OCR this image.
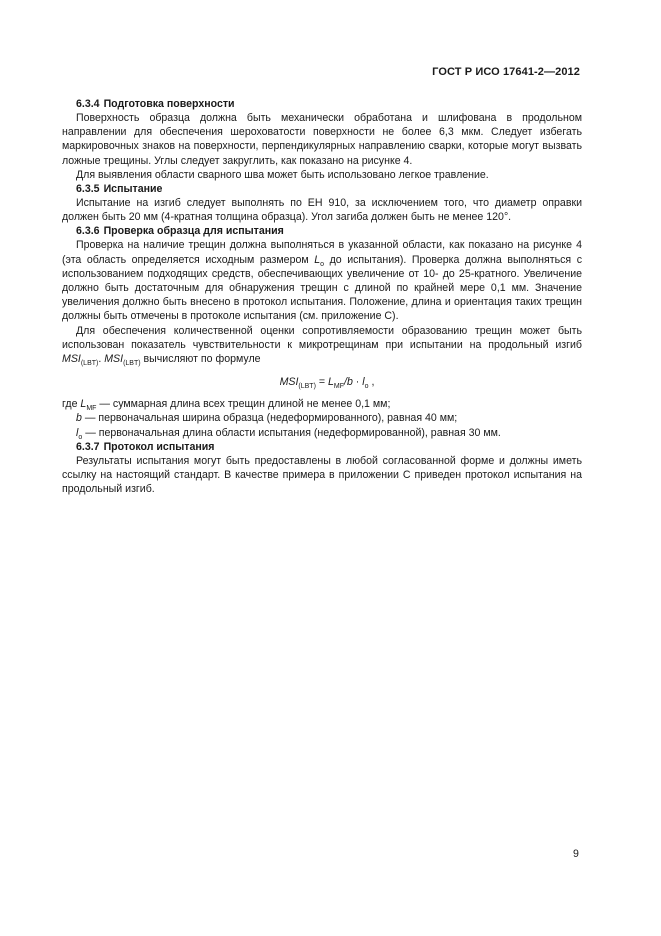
ГОСТ Р ИСО 17641-2—2012
6.3.4 Подготовка поверхности
Поверхность образца должна быть механически обработана и шлифована в продольном направлении для обеспечения шероховатости поверхности не более 6,3 мкм. Следует избегать маркировочных знаков на поверхности, перпендикулярных направлению сварки, которые могут вызвать ложные трещины. Углы следует закруглить, как показано на рисунке 4.
Для выявления области сварного шва может быть использовано легкое травление.
6.3.5 Испытание
Испытание на изгиб следует выполнять по ЕН 910, за исключением того, что диаметр оправки должен быть 20 мм (4-кратная толщина образца). Угол загиба должен быть не менее 120°.
6.3.6 Проверка образца для испытания
Проверка на наличие трещин должна выполняться в указанной области, как показано на рисунке 4 (эта область определяется исходным размером $L_o$ до испытания). Проверка должна выполняться с использованием подходящих средств, обеспечивающих увеличение от 10- до 25-кратного. Увеличение должно быть достаточным для обнаружения трещин с длиной по крайней мере 0,1 мм. Значение увеличения должно быть внесено в протокол испытания. Положение, длина и ориентация таких трещин должны быть отмечены в протоколе испытания (см. приложение С).
Для обеспечения количественной оценки сопротивляемости образованию трещин может быть использован показатель чувствительности к микротрещинам при испытании на продольный изгиб $MSI_{(LBT)}$. $MSI_{(LBT)}$ вычисляют по формуле
$MSI_{(LBT)} = L_{MF}/b \cdot l_o$ ,
где $L_{MF}$ — суммарная длина всех трещин длиной не менее 0,1 мм;
b — первоначальная ширина образца (недеформированного), равная 40 мм;
$l_o$ — первоначальная длина области испытания (недеформированной), равная 30 мм.
6.3.7 Протокол испытания
Результаты испытания могут быть предоставлены в любой согласованной форме и должны иметь ссылку на настоящий стандарт. В качестве примера в приложении С приведен протокол испытания на продольный изгиб.
9
